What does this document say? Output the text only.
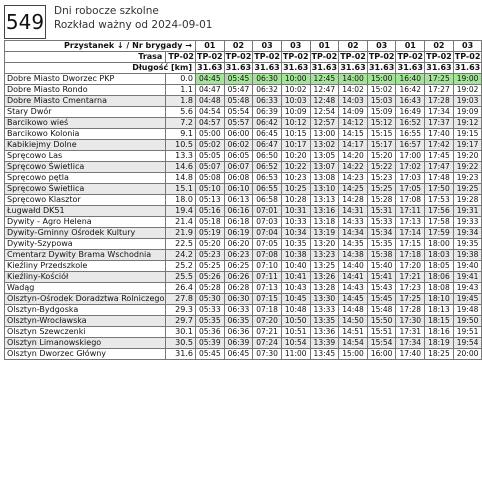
549 Dni robocze szkolne
Rozkład ważny od 2024-09-01
Przystanek ↓ / Nr brygady →		01	02	03	03	01	02	03	01	02	03
Trasa	TP-02	TP-02	TP-02	TP-02	TP-02	TP-02	TP-02	TP-02	TP-02	TP-02	TP-02
Długość [km]		31.63	31.63	31.63	31.63	31.63	31.63	31.63	31.63	31.63	31.63
Dobre Miasto Dworzec PKP	0.0	04:45	05:45	06:30	10:00	12:45	14:00	15:00	16:40	17:25	19:00
Dobre Miasto Rondo	1.1	04:47	05:47	06:32	10:02	12:47	14:02	15:02	16:42	17:27	19:02
Dobre Miasto Cmentarna	1.8	04:48	05:48	06:33	10:03	12:48	14:03	15:03	16:43	17:28	19:03
Stary Dwór	5.6	04:54	05:54	06:39	10:09	12:54	14:09	15:09	16:49	17:34	19:09
Barcikowo wieś	7.2	04:57	05:57	06:42	10:12	12:57	14:12	15:12	16:52	17:37	19:12
Barcikowo Kolonia	9.1	05:00	06:00	06:45	10:15	13:00	14:15	15:15	16:55	17:40	19:15
Kabikiejmy Dolne	10.5	05:02	06:02	06:47	10:17	13:02	14:17	15:17	16:57	17:42	19:17
Spręcowo Las	13.3	05:05	06:05	06:50	10:20	13:05	14:20	15:20	17:00	17:45	19:20
Spręcowo Świetlica	14.6	05:07	06:07	06:52	10:22	13:07	14:22	15:22	17:02	17:47	19:22
Spręcowo pętla	14.8	05:08	06:08	06:53	10:23	13:08	14:23	15:23	17:03	17:48	19:23
Spręcowo Świetlica	15.1	05:10	06:10	06:55	10:25	13:10	14:25	15:25	17:05	17:50	19:25
Spręcowo Klasztor	18.0	05:13	06:13	06:58	10:28	13:13	14:28	15:28	17:08	17:53	19:28
Ługwałd DK51	19.4	05:16	06:16	07:01	10:31	13:16	14:31	15:31	17:11	17:56	19:31
Dywity - Agro Helena	21.4	05:18	06:18	07:03	10:33	13:18	14:33	15:33	17:13	17:58	19:33
Dywity-Gminny Ośrodek Kultury	21.9	05:19	06:19	07:04	10:34	13:19	14:34	15:34	17:14	17:59	19:34
Dywity-Szypowa	22.5	05:20	06:20	07:05	10:35	13:20	14:35	15:35	17:15	18:00	19:35
Cmentarz Dywity Brama Wschodnia	24.2	05:23	06:23	07:08	10:38	13:23	14:38	15:38	17:18	18:03	19:38
Kieźliny Przedszkole	25.2	05:25	06:25	07:10	10:40	13:25	14:40	15:40	17:20	18:05	19:40
Kieźliny-Kościół	25.5	05:26	06:26	07:11	10:41	13:26	14:41	15:41	17:21	18:06	19:41
Wadąg	26.4	05:28	06:28	07:13	10:43	13:28	14:43	15:43	17:23	18:08	19:43
Olsztyn-Ośrodek Doradztwa Rolniczego	27.8	05:30	06:30	07:15	10:45	13:30	14:45	15:45	17:25	18:10	19:45
Olsztyn-Bydgoska	29.3	05:33	06:33	07:18	10:48	13:33	14:48	15:48	17:28	18:13	19:48
Olsztyn-Wrocławska	29.7	05:35	06:35	07:20	10:50	13:35	14:50	15:50	17:30	18:15	19:50
Olsztyn Szewczenki	30.1	05:36	06:36	07:21	10:51	13:36	14:51	15:51	17:31	18:16	19:51
Olsztyn Limanowskiego	30.5	05:39	06:39	07:24	10:54	13:39	14:54	15:54	17:34	18:19	19:54
Olsztyn Dworzec Główny	31.6	05:45	06:45	07:30	11:00	13:45	15:00	16:00	17:40	18:25	20:00
